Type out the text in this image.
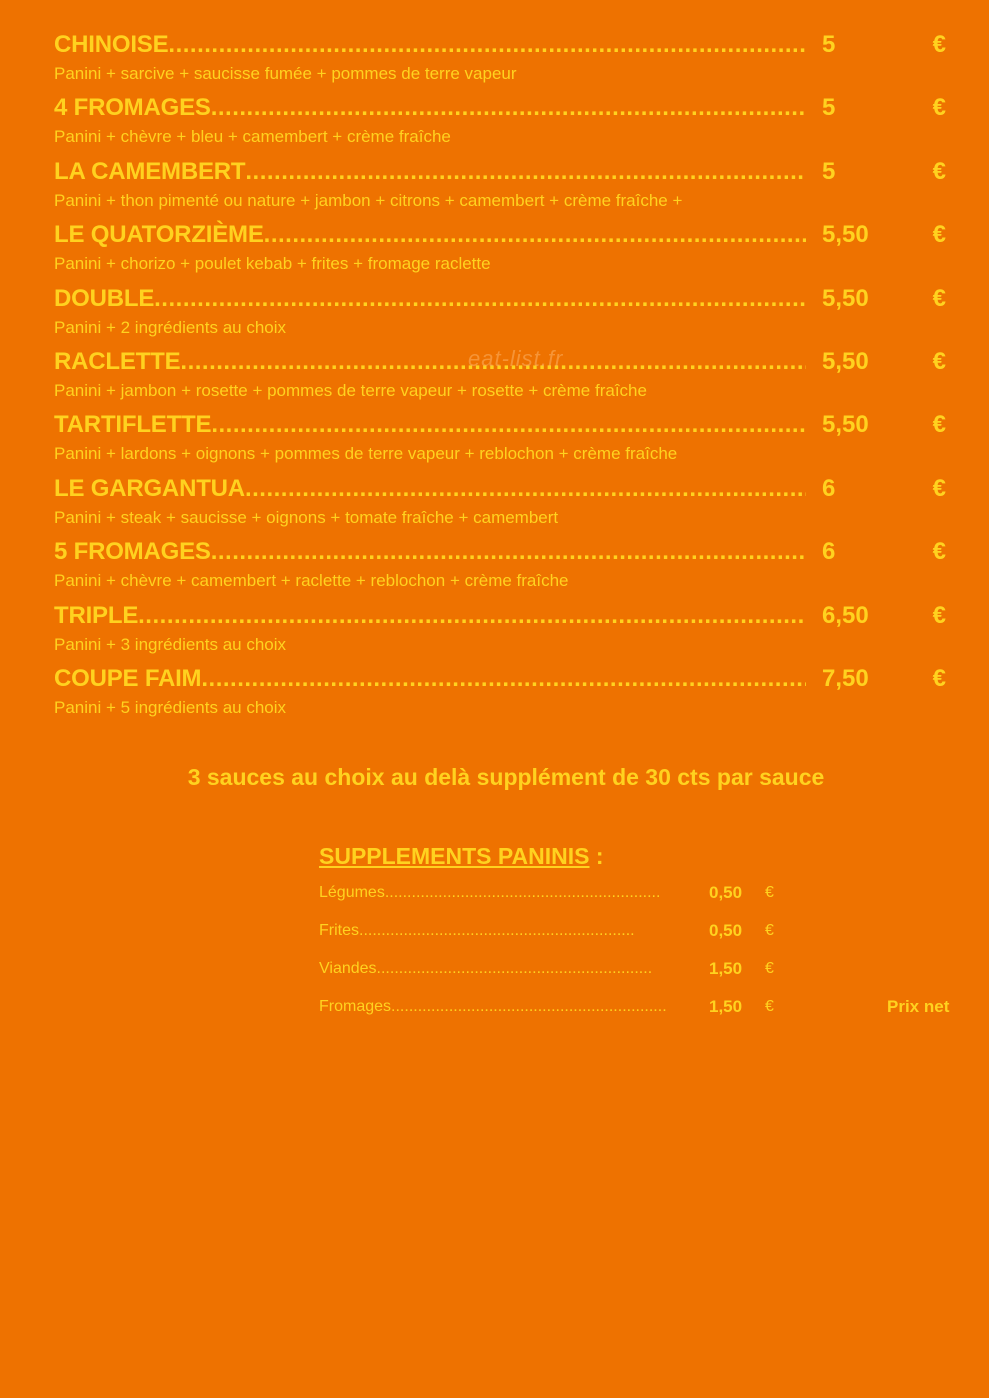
CHINOISE .....	5	€
Panini + sarcive + saucisse fumée + pommes de terre vapeur
4 FROMAGES .....	5	€
Panini + chèvre + bleu + camembert + crème fraîche
LA CAMEMBERT .....	5	€
Panini + thon pimenté ou nature + jambon + citrons + camembert + crème fraîche +
LE QUATORZIÈME .....	5,50	€
Panini + chorizo + poulet kebab + frites + fromage raclette
DOUBLE .....	5,50	€
Panini + 2 ingrédients au choix
RACLETTE .....	5,50	€
Panini + jambon + rosette + pommes de terre vapeur + rosette + crème fraîche
TARTIFLETTE .....	5,50	€
Panini + lardons + oignons + pommes de terre vapeur + reblochon + crème fraîche
LE GARGANTUA .....	6	€
Panini + steak + saucisse + oignons + tomate fraîche + camembert
5 FROMAGES .....	6	€
Panini + chèvre + camembert + raclette + reblochon + crème fraîche
TRIPLE .....	6,50	€
Panini + 3 ingrédients au choix
COUPE FAIM .....	7,50	€
Panini + 5 ingrédients au choix
eat-list.fr
3 sauces au choix au delà supplément de 30 cts par sauce
SUPPLEMENTS PANINIS :
Légumes .....	0,50 €
Frites .....	0,50 €
Viandes .....	1,50 €
Fromages .....	1,50 €	Prix net
